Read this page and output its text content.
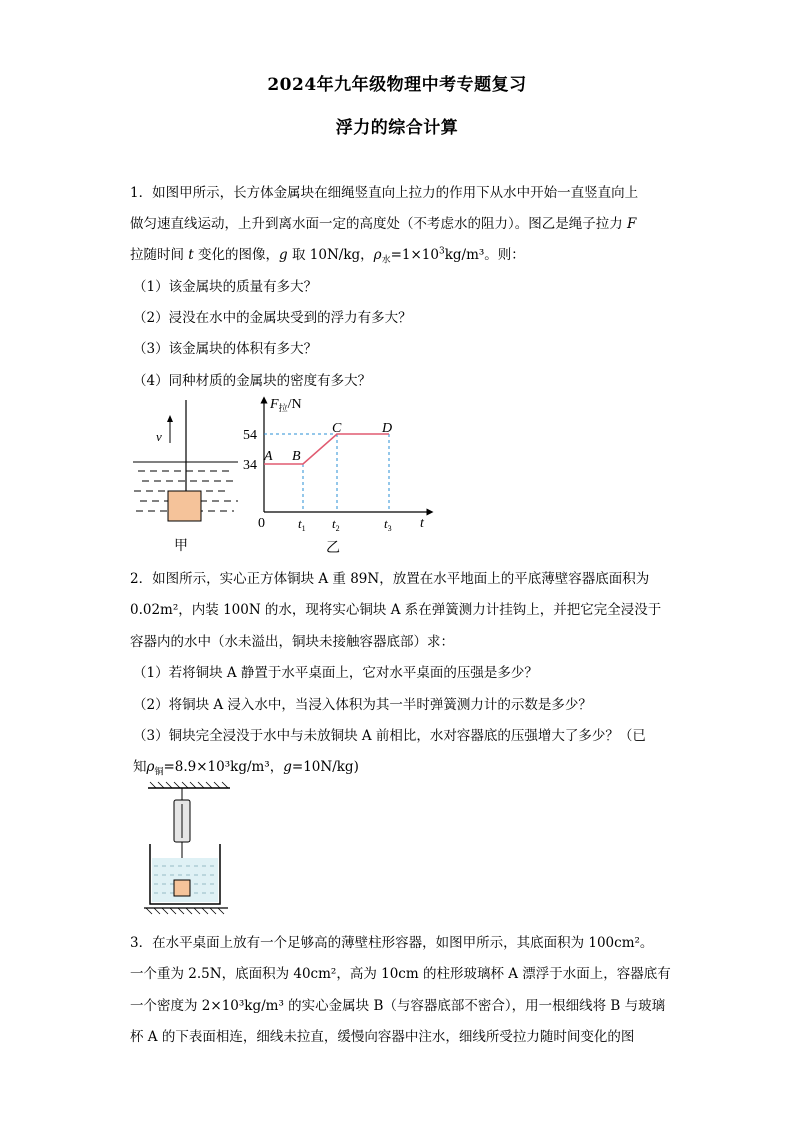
2024年九年级物理中考专题复习
浮力的综合计算
1．如图甲所示，长方体金属块在细绳竖直向上拉力的作用下从水中开始一直竖直向上
做匀速直线运动，上升到离水面一定的高度处（不考虑水的阻力）。图乙是绳子拉力 F
拉随时间 t 变化的图像，g 取 10N/kg，$\rho_水=1\times 10^3kg/m^3$。则：
（1）该金属块的质量有多大？
（2）浸没在水中的金属块受到的浮力有多大？
（3）该金属块的体积有多大？
（4）同种材质的金属块的密度有多大？
v
甲
$F_拉/N$
54
34
0	t
A B
C	D
$t_1$ $t_2$	$t_3$
乙
2．如图所示，实心正方体铜块 A 重 89N，放置在水平地面上的平底薄壁容器底面积为
0.02m²，内装 100N 的水，现将实心铜块 A 系在弹簧测力计挂钩上，并把它完全浸没于
容器内的水中（水未溢出，铜块未接触容器底部）求：
（1）若将铜块 A 静置于水平桌面上，它对水平桌面的压强是多少？
（2）将铜块 A 浸入水中，当浸入体积为其一半时弹簧测力计的示数是多少？
（3）铜块完全浸没于水中与未放铜块 A 前相比，水对容器底的压强增大了多少？（已
知$\rho_铜=8.9\times 10^3kg/m^3$，g=10N/kg)
3．在水平桌面上放有一个足够高的薄壁柱形容器，如图甲所示，其底面积为 100cm²。
一个重为 2.5N，底面积为 40cm²，高为 10cm 的柱形玻璃杯 A 漂浮于水面上，容器底有
一个密度为 2×10³kg/m³ 的实心金属块 B（与容器底部不密合），用一根细线将 B 与玻璃
杯 A 的下表面相连，细线未拉直，缓慢向容器中注水，细线所受拉力随时间变化的图
